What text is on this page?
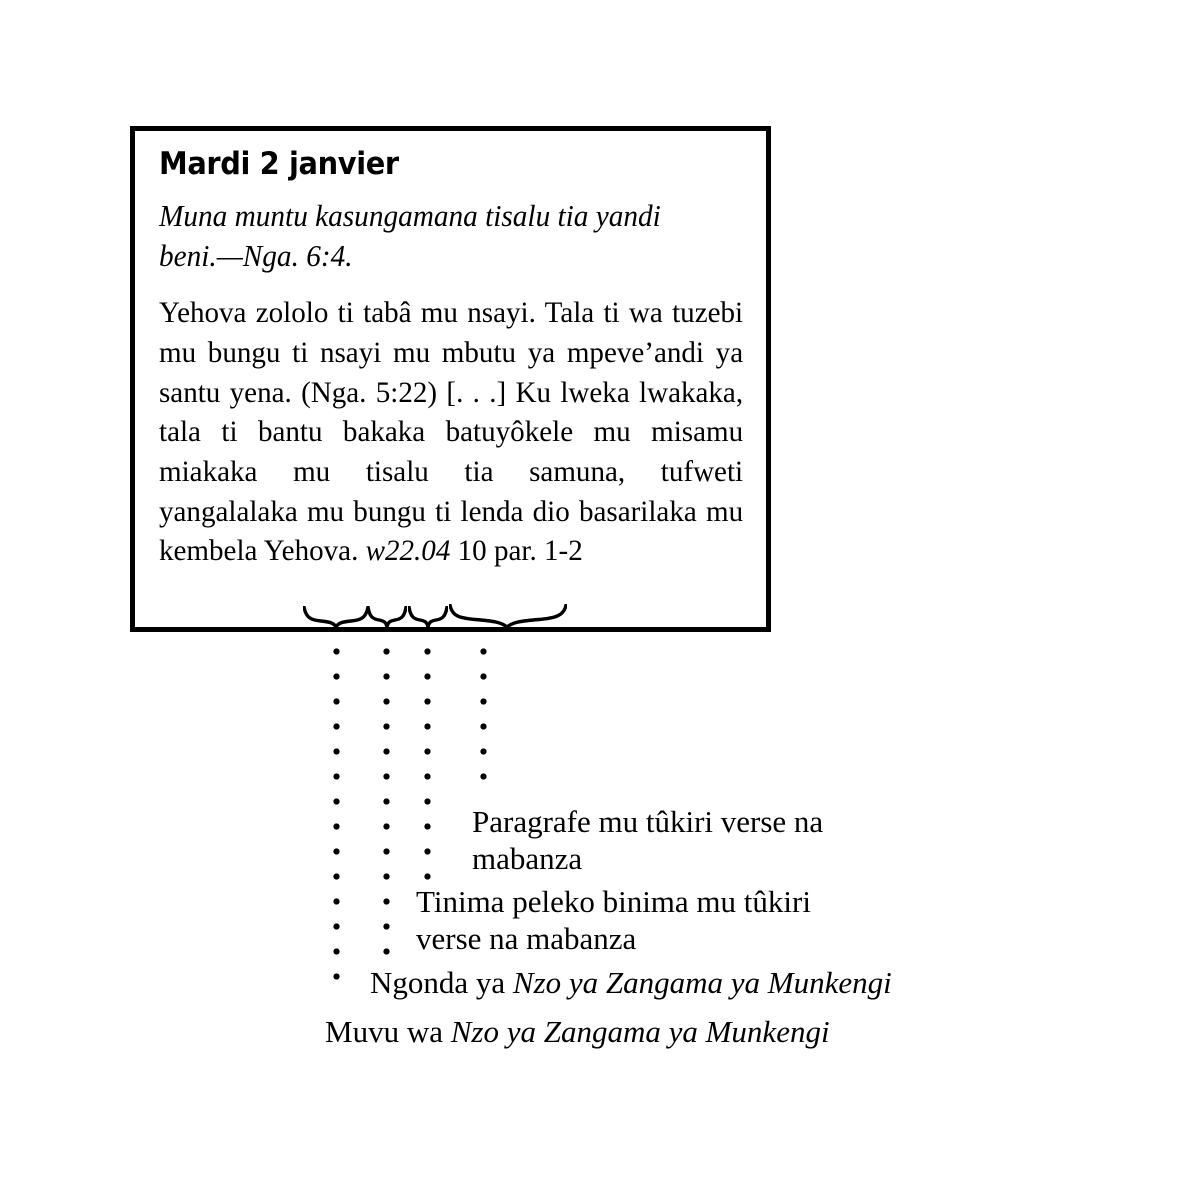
Mardi 2 janvier
Muna muntu kasungamana tisalu tia yandi beni.—Nga. 6:4.

Yehova zololo ti tabâ mu nsayi. Tala ti wa tuzebi mu bungu ti nsayi mu mbutu ya mpeve’andi ya santu yena. (Nga. 5:22) [. . .] Ku lweka lwakaka, tala ti bantu bakaka batuyôkele mu misamu miakaka mu tisalu tia samuna, tufweti yangalalaka mu bungu ti lenda dio basarilaka mu kembela Yehova. w22.04 10 par. 1-2

Paragrafe mu tûkiri verse na
mabanza
Tinima peleko binima mu tûkiri
verse na mabanza
Ngonda ya Nzo ya Zangama ya Munkengi
Muvu wa Nzo ya Zangama ya Munkengi
